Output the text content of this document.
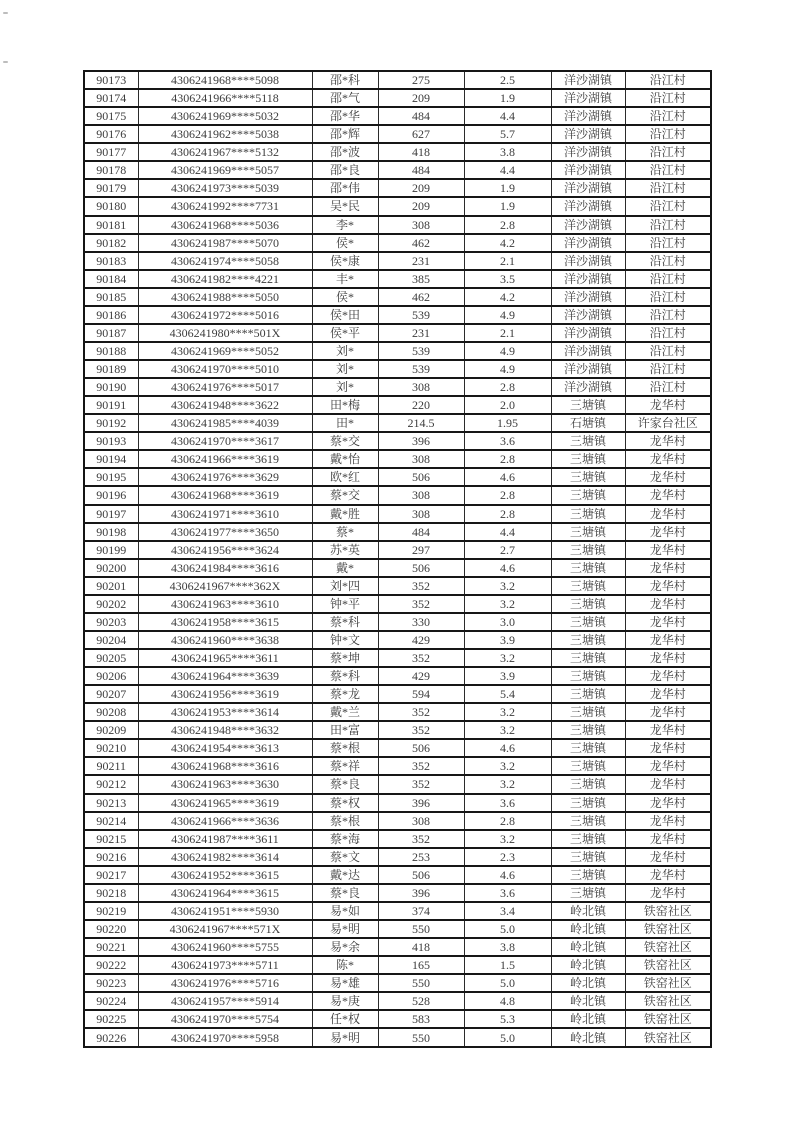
90173	4306241968****5098	邵*科	275	2.5	洋沙湖镇	沿江村
90174	4306241966****5118	邵*气	209	1.9	洋沙湖镇	沿江村
90175	4306241969****5032	邵*华	484	4.4	洋沙湖镇	沿江村
90176	4306241962****5038	邵*辉	627	5.7	洋沙湖镇	沿江村
90177	4306241967****5132	邵*波	418	3.8	洋沙湖镇	沿江村
90178	4306241969****5057	邵*良	484	4.4	洋沙湖镇	沿江村
90179	4306241973****5039	邵*伟	209	1.9	洋沙湖镇	沿江村
90180	4306241992****7731	吴*民	209	1.9	洋沙湖镇	沿江村
90181	4306241968****5036	李*	308	2.8	洋沙湖镇	沿江村
90182	4306241987****5070	侯*	462	4.2	洋沙湖镇	沿江村
90183	4306241974****5058	侯*康	231	2.1	洋沙湖镇	沿江村
90184	4306241982****4221	丰*	385	3.5	洋沙湖镇	沿江村
90185	4306241988****5050	侯*	462	4.2	洋沙湖镇	沿江村
90186	4306241972****5016	侯*田	539	4.9	洋沙湖镇	沿江村
90187	4306241980****501X	侯*平	231	2.1	洋沙湖镇	沿江村
90188	4306241969****5052	刘*	539	4.9	洋沙湖镇	沿江村
90189	4306241970****5010	刘*	539	4.9	洋沙湖镇	沿江村
90190	4306241976****5017	刘*	308	2.8	洋沙湖镇	沿江村
90191	4306241948****3622	田*梅	220	2.0	三塘镇	龙华村
90192	4306241985****4039	田*	214.5	1.95	石塘镇	许家台社区
90193	4306241970****3617	蔡*交	396	3.6	三塘镇	龙华村
90194	4306241966****3619	戴*怡	308	2.8	三塘镇	龙华村
90195	4306241976****3629	欧*红	506	4.6	三塘镇	龙华村
90196	4306241968****3619	蔡*交	308	2.8	三塘镇	龙华村
90197	4306241971****3610	戴*胜	308	2.8	三塘镇	龙华村
90198	4306241977****3650	蔡*	484	4.4	三塘镇	龙华村
90199	4306241956****3624	苏*英	297	2.7	三塘镇	龙华村
90200	4306241984****3616	戴*	506	4.6	三塘镇	龙华村
90201	4306241967****362X	刘*四	352	3.2	三塘镇	龙华村
90202	4306241963****3610	钟*平	352	3.2	三塘镇	龙华村
90203	4306241958****3615	蔡*科	330	3.0	三塘镇	龙华村
90204	4306241960****3638	钟*文	429	3.9	三塘镇	龙华村
90205	4306241965****3611	蔡*坤	352	3.2	三塘镇	龙华村
90206	4306241964****3639	蔡*科	429	3.9	三塘镇	龙华村
90207	4306241956****3619	蔡*龙	594	5.4	三塘镇	龙华村
90208	4306241953****3614	戴*兰	352	3.2	三塘镇	龙华村
90209	4306241948****3632	田*富	352	3.2	三塘镇	龙华村
90210	4306241954****3613	蔡*根	506	4.6	三塘镇	龙华村
90211	4306241968****3616	蔡*祥	352	3.2	三塘镇	龙华村
90212	4306241963****3630	蔡*良	352	3.2	三塘镇	龙华村
90213	4306241965****3619	蔡*权	396	3.6	三塘镇	龙华村
90214	4306241966****3636	蔡*根	308	2.8	三塘镇	龙华村
90215	4306241987****3611	蔡*海	352	3.2	三塘镇	龙华村
90216	4306241982****3614	蔡*文	253	2.3	三塘镇	龙华村
90217	4306241952****3615	戴*达	506	4.6	三塘镇	龙华村
90218	4306241964****3615	蔡*良	396	3.6	三塘镇	龙华村
90219	4306241951****5930	易*如	374	3.4	岭北镇	铁窑社区
90220	4306241967****571X	易*明	550	5.0	岭北镇	铁窑社区
90221	4306241960****5755	易*余	418	3.8	岭北镇	铁窑社区
90222	4306241973****5711	陈*	165	1.5	岭北镇	铁窑社区
90223	4306241976****5716	易*雄	550	5.0	岭北镇	铁窑社区
90224	4306241957****5914	易*庚	528	4.8	岭北镇	铁窑社区
90225	4306241970****5754	任*权	583	5.3	岭北镇	铁窑社区
90226	4306241970****5958	易*明	550	5.0	岭北镇	铁窑社区
